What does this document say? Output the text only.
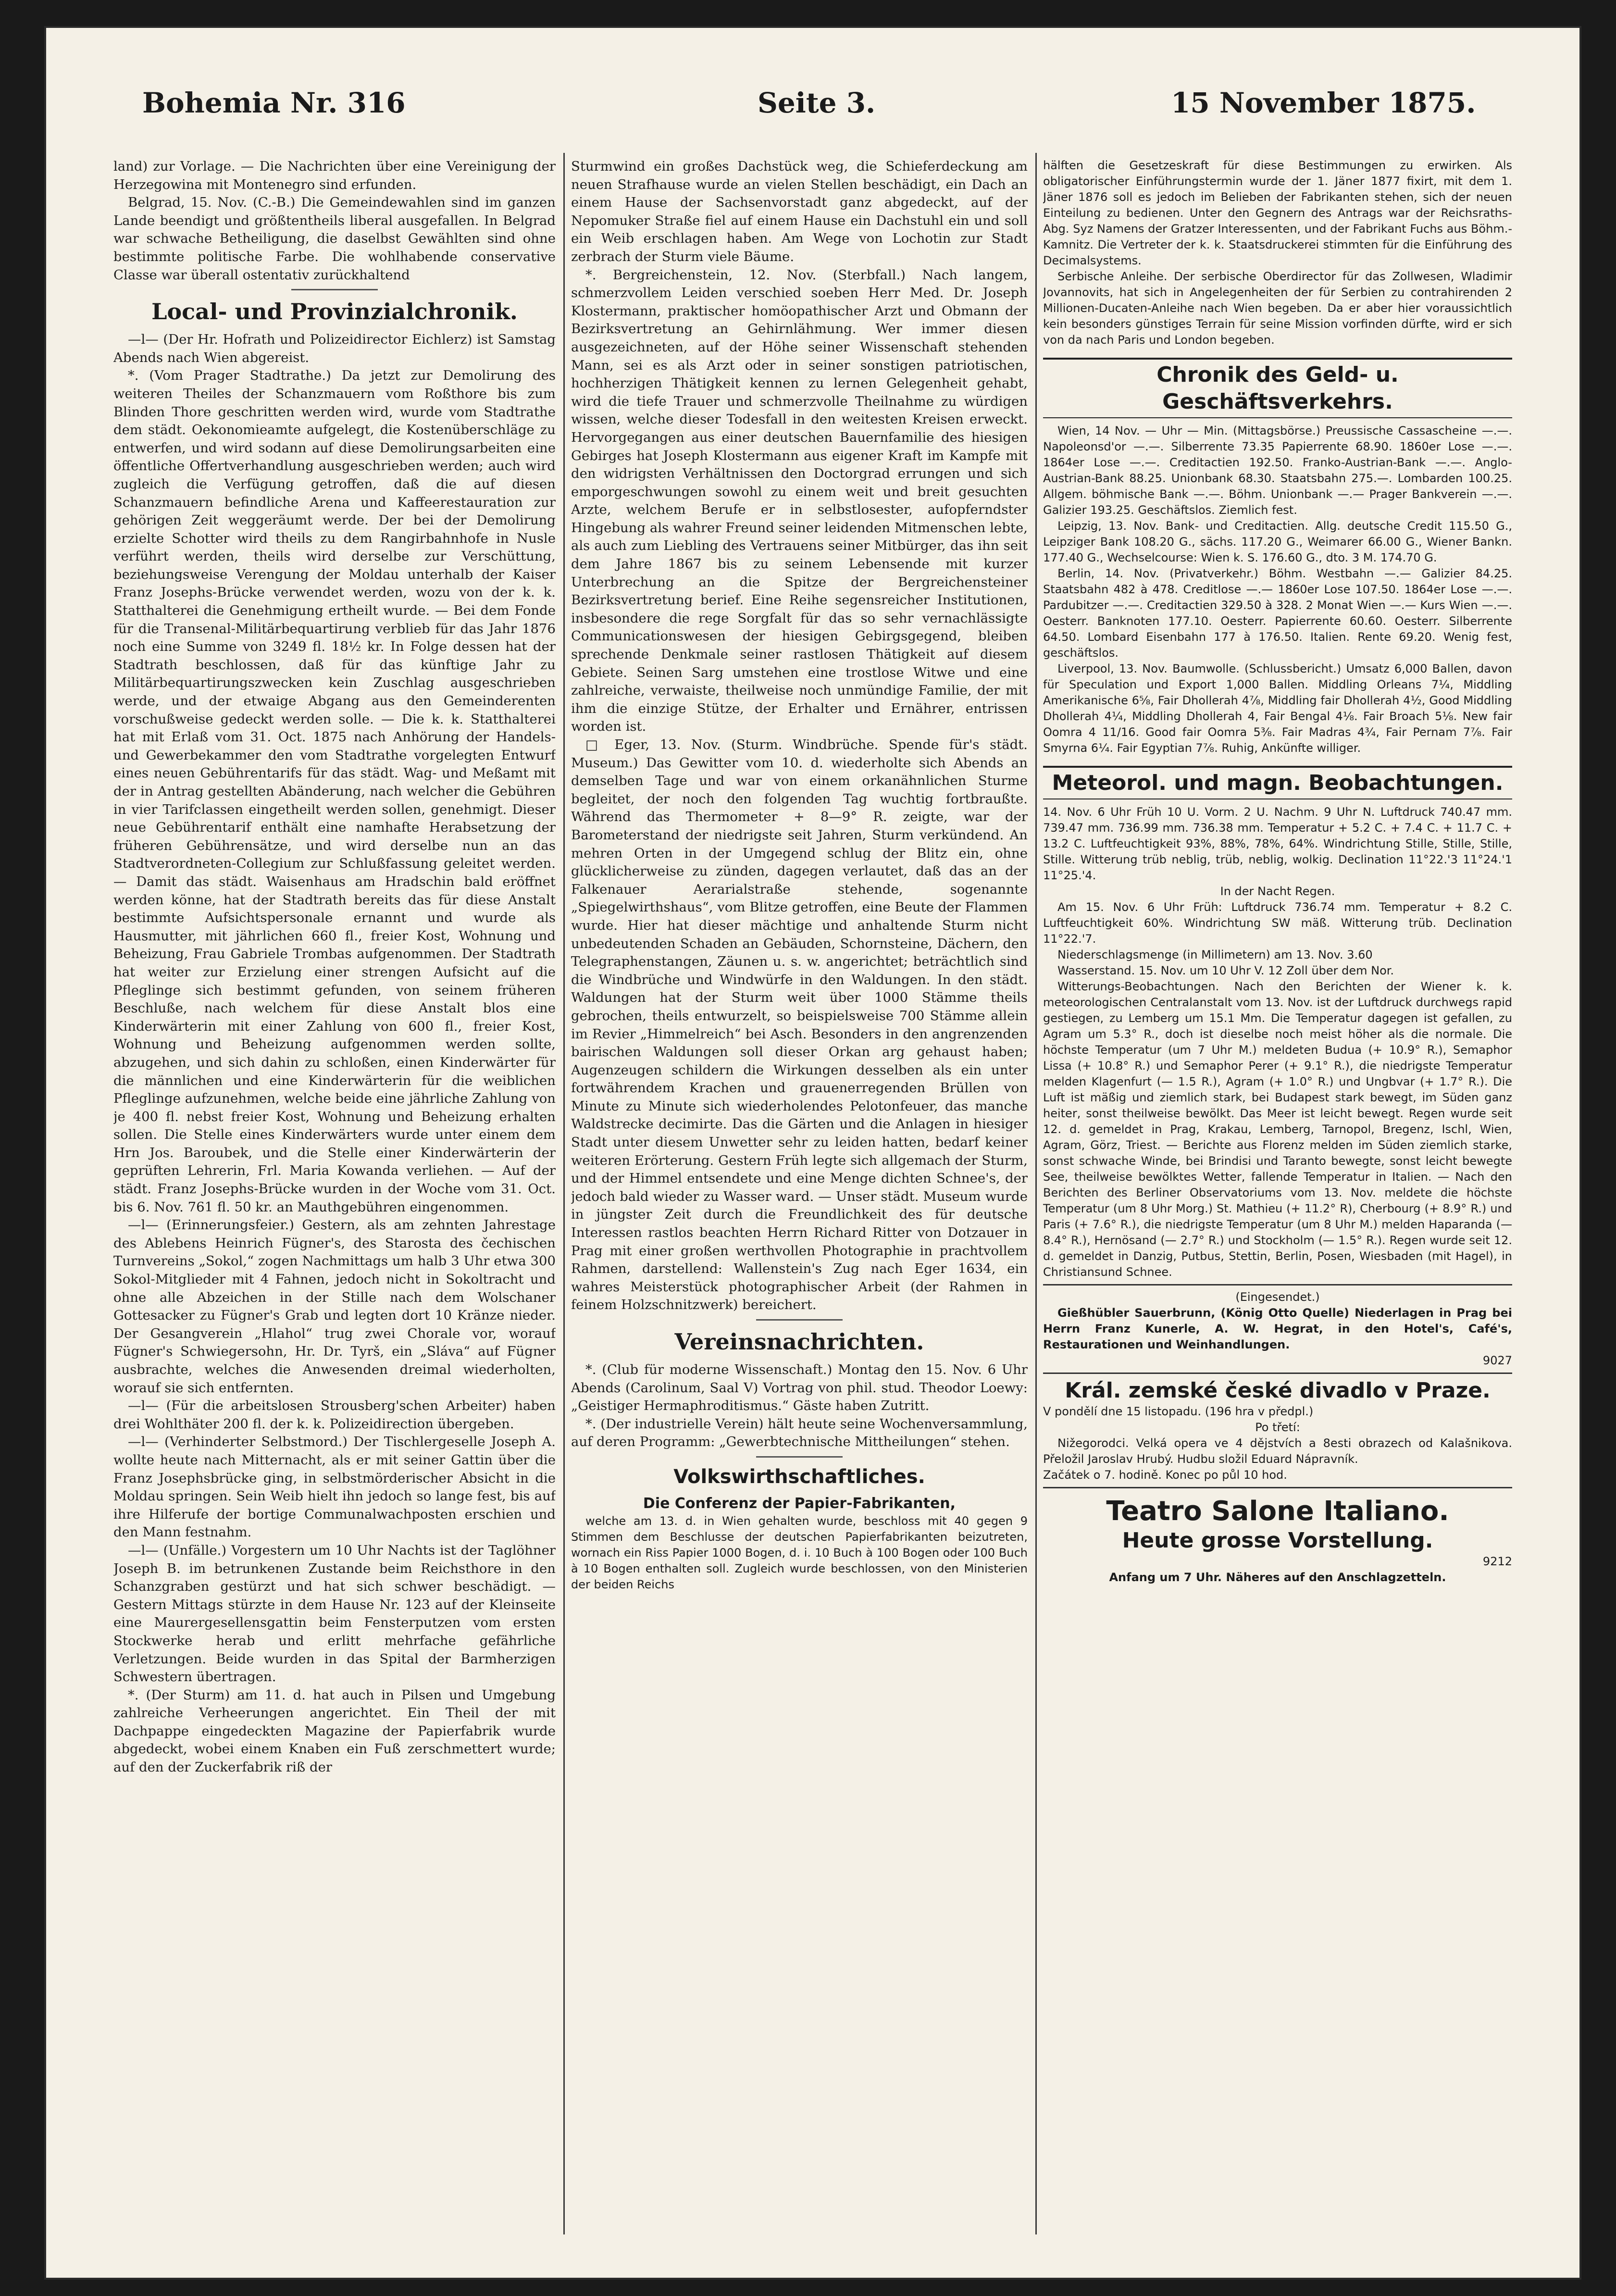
Bohemia Nr. 316	Seite 3.	15 November 1875.

land) zur Vorlage. — Die Nachrichten über eine Vereinigung der Herzegowina mit Montenegro sind erfunden.

Belgrad, 15. Nov. (C.-B.) Die Gemeindewahlen sind im ganzen Lande beendigt und größtentheils liberal ausgefallen. In Belgrad war schwache Betheiligung, die daselbst Gewählten sind ohne bestimmte politische Farbe. Die wohlhabende conservative Classe war überall ostentativ zurückhaltend

Local- und Provinzialchronik.

—l— (Der Hr. Hofrath und Polizeidirector Eichlerz) ist Samstag Abends nach Wien abgereist.

*. (Vom Prager Stadtrathe.) Da jetzt zur Demolirung des weiteren Theiles der Schanzmauern vom Roßthore bis zum Blinden Thore geschritten werden wird, wurde vom Stadtrathe dem städt. Oekonomieamte aufgelegt, die Kostenüberschläge zu entwerfen, und wird sodann auf diese Demolirungsarbeiten eine öffentliche Offertverhandlung ausgeschrieben werden; auch wird zugleich die Verfügung getroffen, daß die auf diesen Schanzmauern befindliche Arena und Kaffeerestauration zur gehörigen Zeit weggeräumt werde. Der bei der Demolirung erzielte Schotter wird theils zu dem Rangirbahnhofe in Nusle verführt werden, theils wird derselbe zur Verschüttung, beziehungsweise Verengung der Moldau unterhalb der Kaiser Franz Josephs-Brücke verwendet werden, wozu von der k. k. Statthalterei die Genehmigung ertheilt wurde. — Bei dem Fonde für die Transenal-Militärbequartirung verblieb für das Jahr 1876 noch eine Summe von 3249 fl. 18½ kr. In Folge dessen hat der Stadtrath beschlossen, daß für das künftige Jahr zu Militärbequartirungszwecken kein Zuschlag ausgeschrieben werde, und der etwaige Abgang aus den Gemeinderenten vorschußweise gedeckt werden solle. — Die k. k. Statthalterei hat mit Erlaß vom 31. Oct. 1875 nach Anhörung der Handels- und Gewerbekammer den vom Stadtrathe vorgelegten Entwurf eines neuen Gebührentarifs für das städt. Wag- und Meßamt mit der in Antrag gestellten Abänderung, nach welcher die Gebühren in vier Tarifclassen eingetheilt werden sollen, genehmigt. Dieser neue Gebührentarif enthält eine namhafte Herabsetzung der früheren Gebührensätze, und wird derselbe nun an das Stadtverordneten-Collegium zur Schlußfassung geleitet werden. — Damit das städt. Waisenhaus am Hradschin bald eröffnet werden könne, hat der Stadtrath bereits das für diese Anstalt bestimmte Aufsichtspersonale ernannt und wurde als Hausmutter, mit jährlichen 660 fl., freier Kost, Wohnung und Beheizung, Frau Gabriele Trombas aufgenommen. Der Stadtrath hat weiter zur Erzielung einer strengen Aufsicht auf die Pfleglinge sich bestimmt gefunden, von seinem früheren Beschluße, nach welchem für diese Anstalt blos eine Kinderwärterin mit einer Zahlung von 600 fl., freier Kost, Wohnung und Beheizung aufgenommen werden sollte, abzugehen, und sich dahin zu schloßen, einen Kinderwärter für die männlichen und eine Kinderwärterin für die weiblichen Pfleglinge aufzunehmen, welche beide eine jährliche Zahlung von je 400 fl. nebst freier Kost, Wohnung und Beheizung erhalten sollen. Die Stelle eines Kinderwärters wurde unter einem dem Hrn Jos. Baroubek, und die Stelle einer Kinderwärterin der geprüften Lehrerin, Frl. Maria Kowanda verliehen. — Auf der städt. Franz Josephs-Brücke wurden in der Woche vom 31. Oct. bis 6. Nov. 761 fl. 50 kr. an Mauthgebühren eingenommen.

—l— (Erinnerungsfeier.) Gestern, als am zehnten Jahrestage des Ablebens Heinrich Fügner's, des Starosta des čechischen Turnvereins „Sokol,“ zogen Nachmittags um halb 3 Uhr etwa 300 Sokol-Mitglieder mit 4 Fahnen, jedoch nicht in Sokoltracht und ohne alle Abzeichen in der Stille nach dem Wolschaner Gottesacker zu Fügner's Grab und legten dort 10 Kränze nieder. Der Gesangverein „Hlahol“ trug zwei Chorale vor, worauf Fügner's Schwiegersohn, Hr. Dr. Tyrš, ein „Sláva“ auf Fügner ausbrachte, welches die Anwesenden dreimal wiederholten, worauf sie sich entfernten.

—l— (Für die arbeitslosen Strousberg'schen Arbeiter) haben drei Wohlthäter 200 fl. der k. k. Polizeidirection übergeben.

—l— (Verhinderter Selbstmord.) Der Tischlergeselle Joseph A. wollte heute nach Mitternacht, als er mit seiner Gattin über die Franz Josephsbrücke ging, in selbstmörderischer Absicht in die Moldau springen. Sein Weib hielt ihn jedoch so lange fest, bis auf ihre Hilferufe der bortige Communalwachposten erschien und den Mann festnahm.

—l— (Unfälle.) Vorgestern um 10 Uhr Nachts ist der Taglöhner Joseph B. im betrunkenen Zustande beim Reichsthore in den Schanzgraben gestürzt und hat sich schwer beschädigt. — Gestern Mittags stürzte in dem Hause Nr. 123 auf der Kleinseite eine Maurergesellensgattin beim Fensterputzen vom ersten Stockwerke herab und erlitt mehrfache gefährliche Verletzungen. Beide wurden in das Spital der Barmherzigen Schwestern übertragen.

*. (Der Sturm) am 11. d. hat auch in Pilsen und Umgebung zahlreiche Verheerungen angerichtet. Ein Theil der mit Dachpappe eingedeckten Magazine der Papierfabrik wurde abgedeckt, wobei einem Knaben ein Fuß zerschmettert wurde; auf den der Zuckerfabrik riß der

Sturmwind ein großes Dachstück weg, die Schieferdeckung am neuen Strafhause wurde an vielen Stellen beschädigt, ein Dach an einem Hause der Sachsenvorstadt ganz abgedeckt, auf der Nepomuker Straße fiel auf einem Hause ein Dachstuhl ein und soll ein Weib erschlagen haben. Am Wege von Lochotin zur Stadt zerbrach der Sturm viele Bäume.

*. Bergreichenstein, 12. Nov. (Sterbfall.) Nach langem, schmerzvollem Leiden verschied soeben Herr Med. Dr. Joseph Klostermann, praktischer homöopathischer Arzt und Obmann der Bezirksvertretung an Gehirnlähmung. Wer immer diesen ausgezeichneten, auf der Höhe seiner Wissenschaft stehenden Mann, sei es als Arzt oder in seiner sonstigen patriotischen, hochherzigen Thätigkeit kennen zu lernen Gelegenheit gehabt, wird die tiefe Trauer und schmerzvolle Theilnahme zu würdigen wissen, welche dieser Todesfall in den weitesten Kreisen erweckt. Hervorgegangen aus einer deutschen Bauernfamilie des hiesigen Gebirges hat Joseph Klostermann aus eigener Kraft im Kampfe mit den widrigsten Verhältnissen den Doctorgrad errungen und sich emporgeschwungen sowohl zu einem weit und breit gesuchten Arzte, welchem Berufe er in selbstlosester, aufopferndster Hingebung als wahrer Freund seiner leidenden Mitmenschen lebte, als auch zum Liebling des Vertrauens seiner Mitbürger, das ihn seit dem Jahre 1867 bis zu seinem Lebensende mit kurzer Unterbrechung an die Spitze der Bergreichensteiner Bezirksvertretung berief. Eine Reihe segensreicher Institutionen, insbesondere die rege Sorgfalt für das so sehr vernachlässigte Communicationswesen der hiesigen Gebirgsgegend, bleiben sprechende Denkmale seiner rastlosen Thätigkeit auf diesem Gebiete. Seinen Sarg umstehen eine trostlose Witwe und eine zahlreiche, verwaiste, theilweise noch unmündige Familie, der mit ihm die einzige Stütze, der Erhalter und Ernährer, entrissen worden ist.

□ Eger, 13. Nov. (Sturm. Windbrüche. Spende für's städt. Museum.) Das Gewitter vom 10. d. wiederholte sich Abends an demselben Tage und war von einem orkanähnlichen Sturme begleitet, der noch den folgenden Tag wuchtig fortbraußte. Während das Thermometer + 8—9° R. zeigte, war der Barometerstand der niedrigste seit Jahren, Sturm verkündend. An mehren Orten in der Umgegend schlug der Blitz ein, ohne glücklicherweise zu zünden, dagegen verlautet, daß das an der Falkenauer Aerarialstraße stehende, sogenannte „Spiegelwirthshaus“, vom Blitze getroffen, eine Beute der Flammen wurde. Hier hat dieser mächtige und anhaltende Sturm nicht unbedeutenden Schaden an Gebäuden, Schornsteine, Dächern, den Telegraphenstangen, Zäunen u. s. w. angerichtet; beträchtlich sind die Windbrüche und Windwürfe in den Waldungen. In den städt. Waldungen hat der Sturm weit über 1000 Stämme theils gebrochen, theils entwurzelt, so beispielsweise 700 Stämme allein im Revier „Himmelreich“ bei Asch. Besonders in den angrenzenden bairischen Waldungen soll dieser Orkan arg gehaust haben; Augenzeugen schildern die Wirkungen desselben als ein unter fortwährendem Krachen und grauenerregenden Brüllen von Minute zu Minute sich wiederholendes Pelotonfeuer, das manche Waldstrecke decimirte. Das die Gärten und die Anlagen in hiesiger Stadt unter diesem Unwetter sehr zu leiden hatten, bedarf keiner weiteren Erörterung. Gestern Früh legte sich allgemach der Sturm, und der Himmel entsendete und eine Menge dichten Schnee's, der jedoch bald wieder zu Wasser ward. — Unser städt. Museum wurde in jüngster Zeit durch die Freundlichkeit des für deutsche Interessen rastlos beachten Herrn Richard Ritter von Dotzauer in Prag mit einer großen werthvollen Photographie in prachtvollem Rahmen, darstellend: Wallenstein's Zug nach Eger 1634, ein wahres Meisterstück photographischer Arbeit (der Rahmen in feinem Holzschnitzwerk) bereichert.

Vereinsnachrichten.

*. (Club für moderne Wissenschaft.) Montag den 15. Nov. 6 Uhr Abends (Carolinum, Saal V) Vortrag von phil. stud. Theodor Loewy: „Geistiger Hermaphroditismus.“ Gäste haben Zutritt.

*. (Der industrielle Verein) hält heute seine Wochenversammlung, auf deren Programm: „Gewerbtechnische Mittheilungen“ stehen.

Volkswirthschaftliches.
Die Conferenz der Papier-Fabrikanten,

welche am 13. d. in Wien gehalten wurde, beschloss mit 40 gegen 9 Stimmen dem Beschlusse der deutschen Papierfabrikanten beizutreten, wornach ein Riss Papier 1000 Bogen, d. i. 10 Buch à 100 Bogen oder 100 Buch à 10 Bogen enthalten soll. Zugleich wurde beschlossen, von den Ministerien der beiden Reichs

hälften die Gesetzeskraft für diese Bestimmungen zu erwirken. Als obligatorischer Einführungstermin wurde der 1. Jäner 1877 fixirt, mit dem 1. Jäner 1876 soll es jedoch im Belieben der Fabrikanten stehen, sich der neuen Einteilung zu bedienen. Unter den Gegnern des Antrags war der Reichsraths-Abg. Syz Namens der Gratzer Interessenten, und der Fabrikant Fuchs aus Böhm.-Kamnitz. Die Vertreter der k. k. Staatsdruckerei stimmten für die Einführung des Decimalsystems.

Serbische Anleihe. Der serbische Oberdirector für das Zollwesen, Wladimir Jovannovits, hat sich in Angelegenheiten der für Serbien zu contrahirenden 2 Millionen-Ducaten-Anleihe nach Wien begeben. Da er aber hier voraussichtlich kein besonders günstiges Terrain für seine Mission vorfinden dürfte, wird er sich von da nach Paris und London begeben.

Chronik des Geld- u. Geschäftsverkehrs.

Wien, 14 Nov. — Uhr — Min. (Mittagsbörse.) Preussische Cassascheine —.—. Napoleonsd'or —.—. Silberrente 73.35 Papierrente 68.90. 1860er Lose —.—. 1864er Lose —.—. Creditactien 192.50. Franko-Austrian-Bank —.—. Anglo-Austrian-Bank 88.25. Unionbank 68.30. Staatsbahn 275.—. Lombarden 100.25. Allgem. böhmische Bank —.—. Böhm. Unionbank —.— Prager Bankverein —.—. Galizier 193.25. Geschäftslos. Ziemlich fest.

Leipzig, 13. Nov. Bank- und Creditactien. Allg. deutsche Credit 115.50 G., Leipziger Bank 108.20 G., sächs. 117.20 G., Weimarer 66.00 G., Wiener Bankn. 177.40 G., Wechselcourse: Wien k. S. 176.60 G., dto. 3 M. 174.70 G.

Berlin, 14. Nov. (Privatverkehr.) Böhm. Westbahn —.— Galizier 84.25. Staatsbahn 482 à 478. Creditlose —.— 1860er Lose 107.50. 1864er Lose —.—. Pardubitzer —.—. Creditactien 329.50 à 328. 2 Monat Wien —.— Kurs Wien —.—. Oesterr. Banknoten 177.10. Oesterr. Papierrente 60.60. Oesterr. Silberrente 64.50. Lombard Eisenbahn 177 à 176.50. Italien. Rente 69.20. Wenig fest, geschäftslos.

Liverpool, 13. Nov. Baumwolle. (Schlussbericht.) Umsatz 6,000 Ballen, davon für Speculation und Export 1,000 Ballen. Middling Orleans 7¼, Middling Amerikanische 6⅝, Fair Dhollerah 4⅞, Middling fair Dhollerah 4½, Good Middling Dhollerah 4¼, Middling Dhollerah 4, Fair Bengal 4⅛. Fair Broach 5⅛. New fair Oomra 4 11/16. Good fair Oomra 5⅜. Fair Madras 4¾, Fair Pernam 7⅞. Fair Smyrna 6¼. Fair Egyptian 7⅞. Ruhig, Ankünfte williger.

Meteorol. und magn. Beobachtungen.

14. Nov. 6 Uhr Früh 10 U. Vorm. 2 U. Nachm. 9 Uhr N. Luftdruck 740.47 mm. 739.47 mm. 736.99 mm. 736.38 mm. Temperatur + 5.2 C. + 7.4 C. + 11.7 C. + 13.2 C. Luftfeuchtigkeit 93%, 88%, 78%, 64%. Windrichtung Stille, Stille, Stille, Stille. Witterung trüb neblig, trüb, neblig, wolkig. Declination 11°22.'3 11°24.'1 11°25.'4.

In der Nacht Regen.

Am 15. Nov. 6 Uhr Früh: Luftdruck 736.74 mm. Temperatur + 8.2 C. Luftfeuchtigkeit 60%. Windrichtung SW mäß. Witterung trüb. Declination 11°22.'7.

Niederschlagsmenge (in Millimetern) am 13. Nov. 3.60

Wasserstand. 15. Nov. um 10 Uhr V. 12 Zoll über dem Nor.

Witterungs-Beobachtungen. Nach den Berichten der Wiener k. k. meteorologischen Centralanstalt vom 13. Nov. ist der Luftdruck durchwegs rapid gestiegen, zu Lemberg um 15.1 Mm. Die Temperatur dagegen ist gefallen, zu Agram um 5.3° R., doch ist dieselbe noch meist höher als die normale. Die höchste Temperatur (um 7 Uhr M.) meldeten Budua (+ 10.9° R.), Semaphor Lissa (+ 10.8° R.) und Semaphor Perer (+ 9.1° R.), die niedrigste Temperatur melden Klagenfurt (— 1.5 R.), Agram (+ 1.0° R.) und Ungbvar (+ 1.7° R.). Die Luft ist mäßig und ziemlich stark, bei Budapest stark bewegt, im Süden ganz heiter, sonst theilweise bewölkt. Das Meer ist leicht bewegt. Regen wurde seit 12. d. gemeldet in Prag, Krakau, Lemberg, Tarnopol, Bregenz, Ischl, Wien, Agram, Görz, Triest. — Berichte aus Florenz melden im Süden ziemlich starke, sonst schwache Winde, bei Brindisi und Taranto bewegte, sonst leicht bewegte See, theilweise bewölktes Wetter, fallende Temperatur in Italien. — Nach den Berichten des Berliner Observatoriums vom 13. Nov. meldete die höchste Temperatur (um 8 Uhr Morg.) St. Mathieu (+ 11.2° R), Cherbourg (+ 8.9° R.) und Paris (+ 7.6° R.), die niedrigste Temperatur (um 8 Uhr M.) melden Haparanda (— 8.4° R.), Hernösand (— 2.7° R.) und Stockholm (— 1.5° R.). Regen wurde seit 12. d. gemeldet in Danzig, Putbus, Stettin, Berlin, Posen, Wiesbaden (mit Hagel), in Christiansund Schnee.

(Eingesendet.)

Gießhübler Sauerbrunn, (König Otto Quelle) Niederlagen in Prag bei Herrn Franz Kunerle, A. W. Hegrat, in den Hotel's, Café's, Restaurationen und Weinhandlungen.

9027

Král. zemské české divadlo v Praze.

V pondělí dne 15 listopadu. (196 hra v předpl.)

Po třetí:

Nižegorodci. Velká opera ve 4 dějstvích a 8esti obrazech od Kalašnikova. Přeložil Jaroslav Hrubý. Hudbu složil Eduard Nápravník.

Začátek o 7. hodině. Konec po půl 10 hod.

Teatro Salone Italiano.
Heute grosse Vorstellung.

9212

Anfang um 7 Uhr. Näheres auf den Anschlagzetteln.
